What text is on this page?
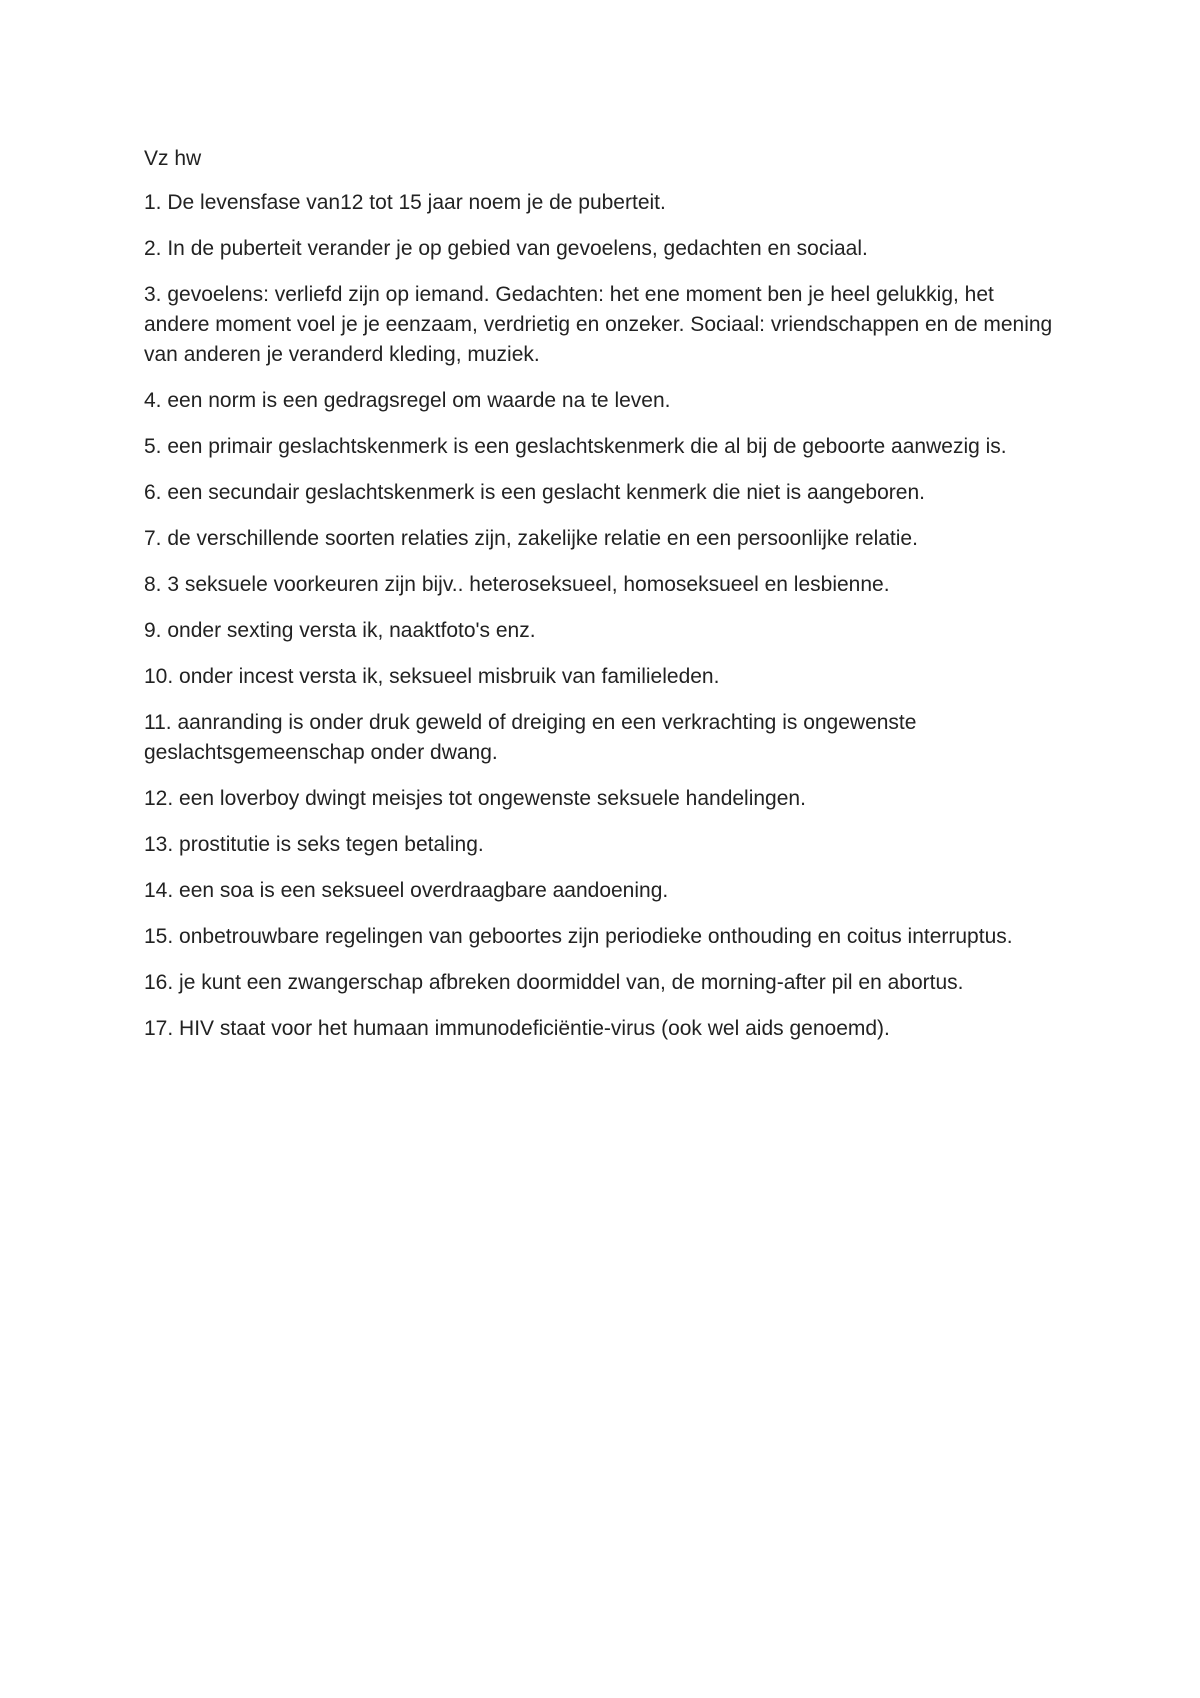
Vz hw

1. De levensfase van12 tot 15 jaar noem je de puberteit.

2. In de puberteit verander je op gebied van gevoelens, gedachten en sociaal.

3. gevoelens: verliefd zijn op iemand. Gedachten: het ene moment ben je heel gelukkig, het andere moment voel je je eenzaam, verdrietig en onzeker. Sociaal: vriendschappen en de mening van anderen je veranderd kleding, muziek.

4. een norm is een gedragsregel om waarde na te leven.

5. een primair geslachtskenmerk is een geslachtskenmerk die al bij de geboorte aanwezig is.

6. een secundair geslachtskenmerk is een geslacht kenmerk die niet is aangeboren.

7. de verschillende soorten relaties zijn, zakelijke relatie en een persoonlijke relatie.

8. 3 seksuele voorkeuren zijn bijv.. heteroseksueel, homoseksueel en lesbienne.

9. onder sexting versta ik, naaktfoto's enz.

10. onder incest versta ik, seksueel misbruik van familieleden.

11. aanranding is onder druk geweld of dreiging en een verkrachting is ongewenste geslachtsgemeenschap onder dwang.

12. een loverboy dwingt meisjes tot ongewenste seksuele handelingen.

13. prostitutie is seks tegen betaling.

14. een soa is een seksueel overdraagbare aandoening.

15. onbetrouwbare regelingen van geboortes zijn periodieke onthouding en coitus interruptus.

16. je kunt een zwangerschap afbreken doormiddel van, de morning-after pil en abortus.

17. HIV staat voor het humaan immunodeficiëntie-virus (ook wel aids genoemd).
